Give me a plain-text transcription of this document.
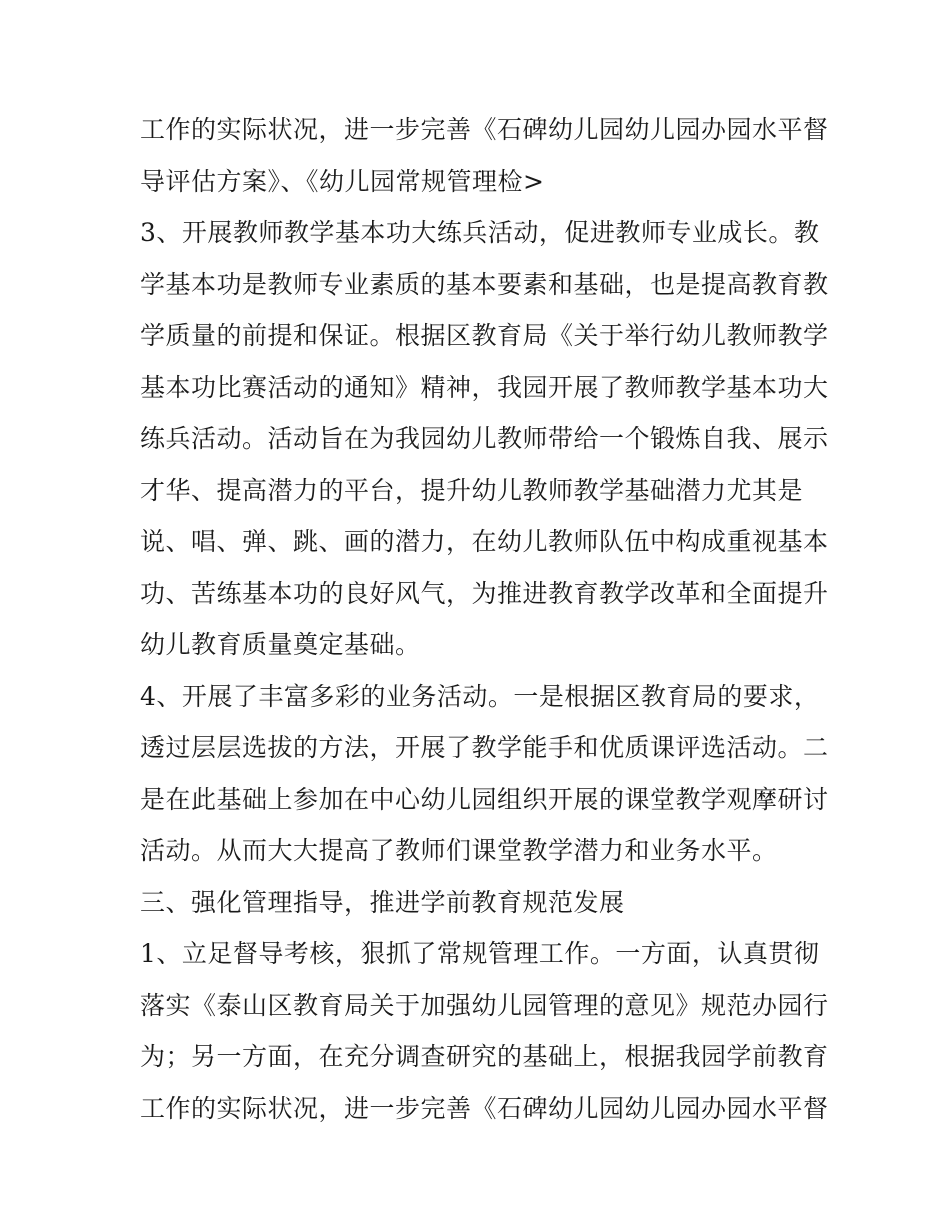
工作的实际状况，进一步完善《石碑幼儿园幼儿园办园水平督
导评估方案》、《幼儿园常规管理检>
3、开展教师教学基本功大练兵活动，促进教师专业成长。教
学基本功是教师专业素质的基本要素和基础，也是提高教育教
学质量的前提和保证。根据区教育局《关于举行幼儿教师教学
基本功比赛活动的通知》精神，我园开展了教师教学基本功大
练兵活动。活动旨在为我园幼儿教师带给一个锻炼自我、展示
才华、提高潜力的平台，提升幼儿教师教学基础潜力尤其是
说、唱、弹、跳、画的潜力，在幼儿教师队伍中构成重视基本
功、苦练基本功的良好风气，为推进教育教学改革和全面提升
幼儿教育质量奠定基础。
4、开展了丰富多彩的业务活动。一是根据区教育局的要求，
透过层层选拔的方法，开展了教学能手和优质课评选活动。二
是在此基础上参加在中心幼儿园组织开展的课堂教学观摩研讨
活动。从而大大提高了教师们课堂教学潜力和业务水平。
三、强化管理指导，推进学前教育规范发展
1、立足督导考核，狠抓了常规管理工作。一方面，认真贯彻
落实《泰山区教育局关于加强幼儿园管理的意见》规范办园行
为；另一方面，在充分调查研究的基础上，根据我园学前教育
工作的实际状况，进一步完善《石碑幼儿园幼儿园办园水平督
